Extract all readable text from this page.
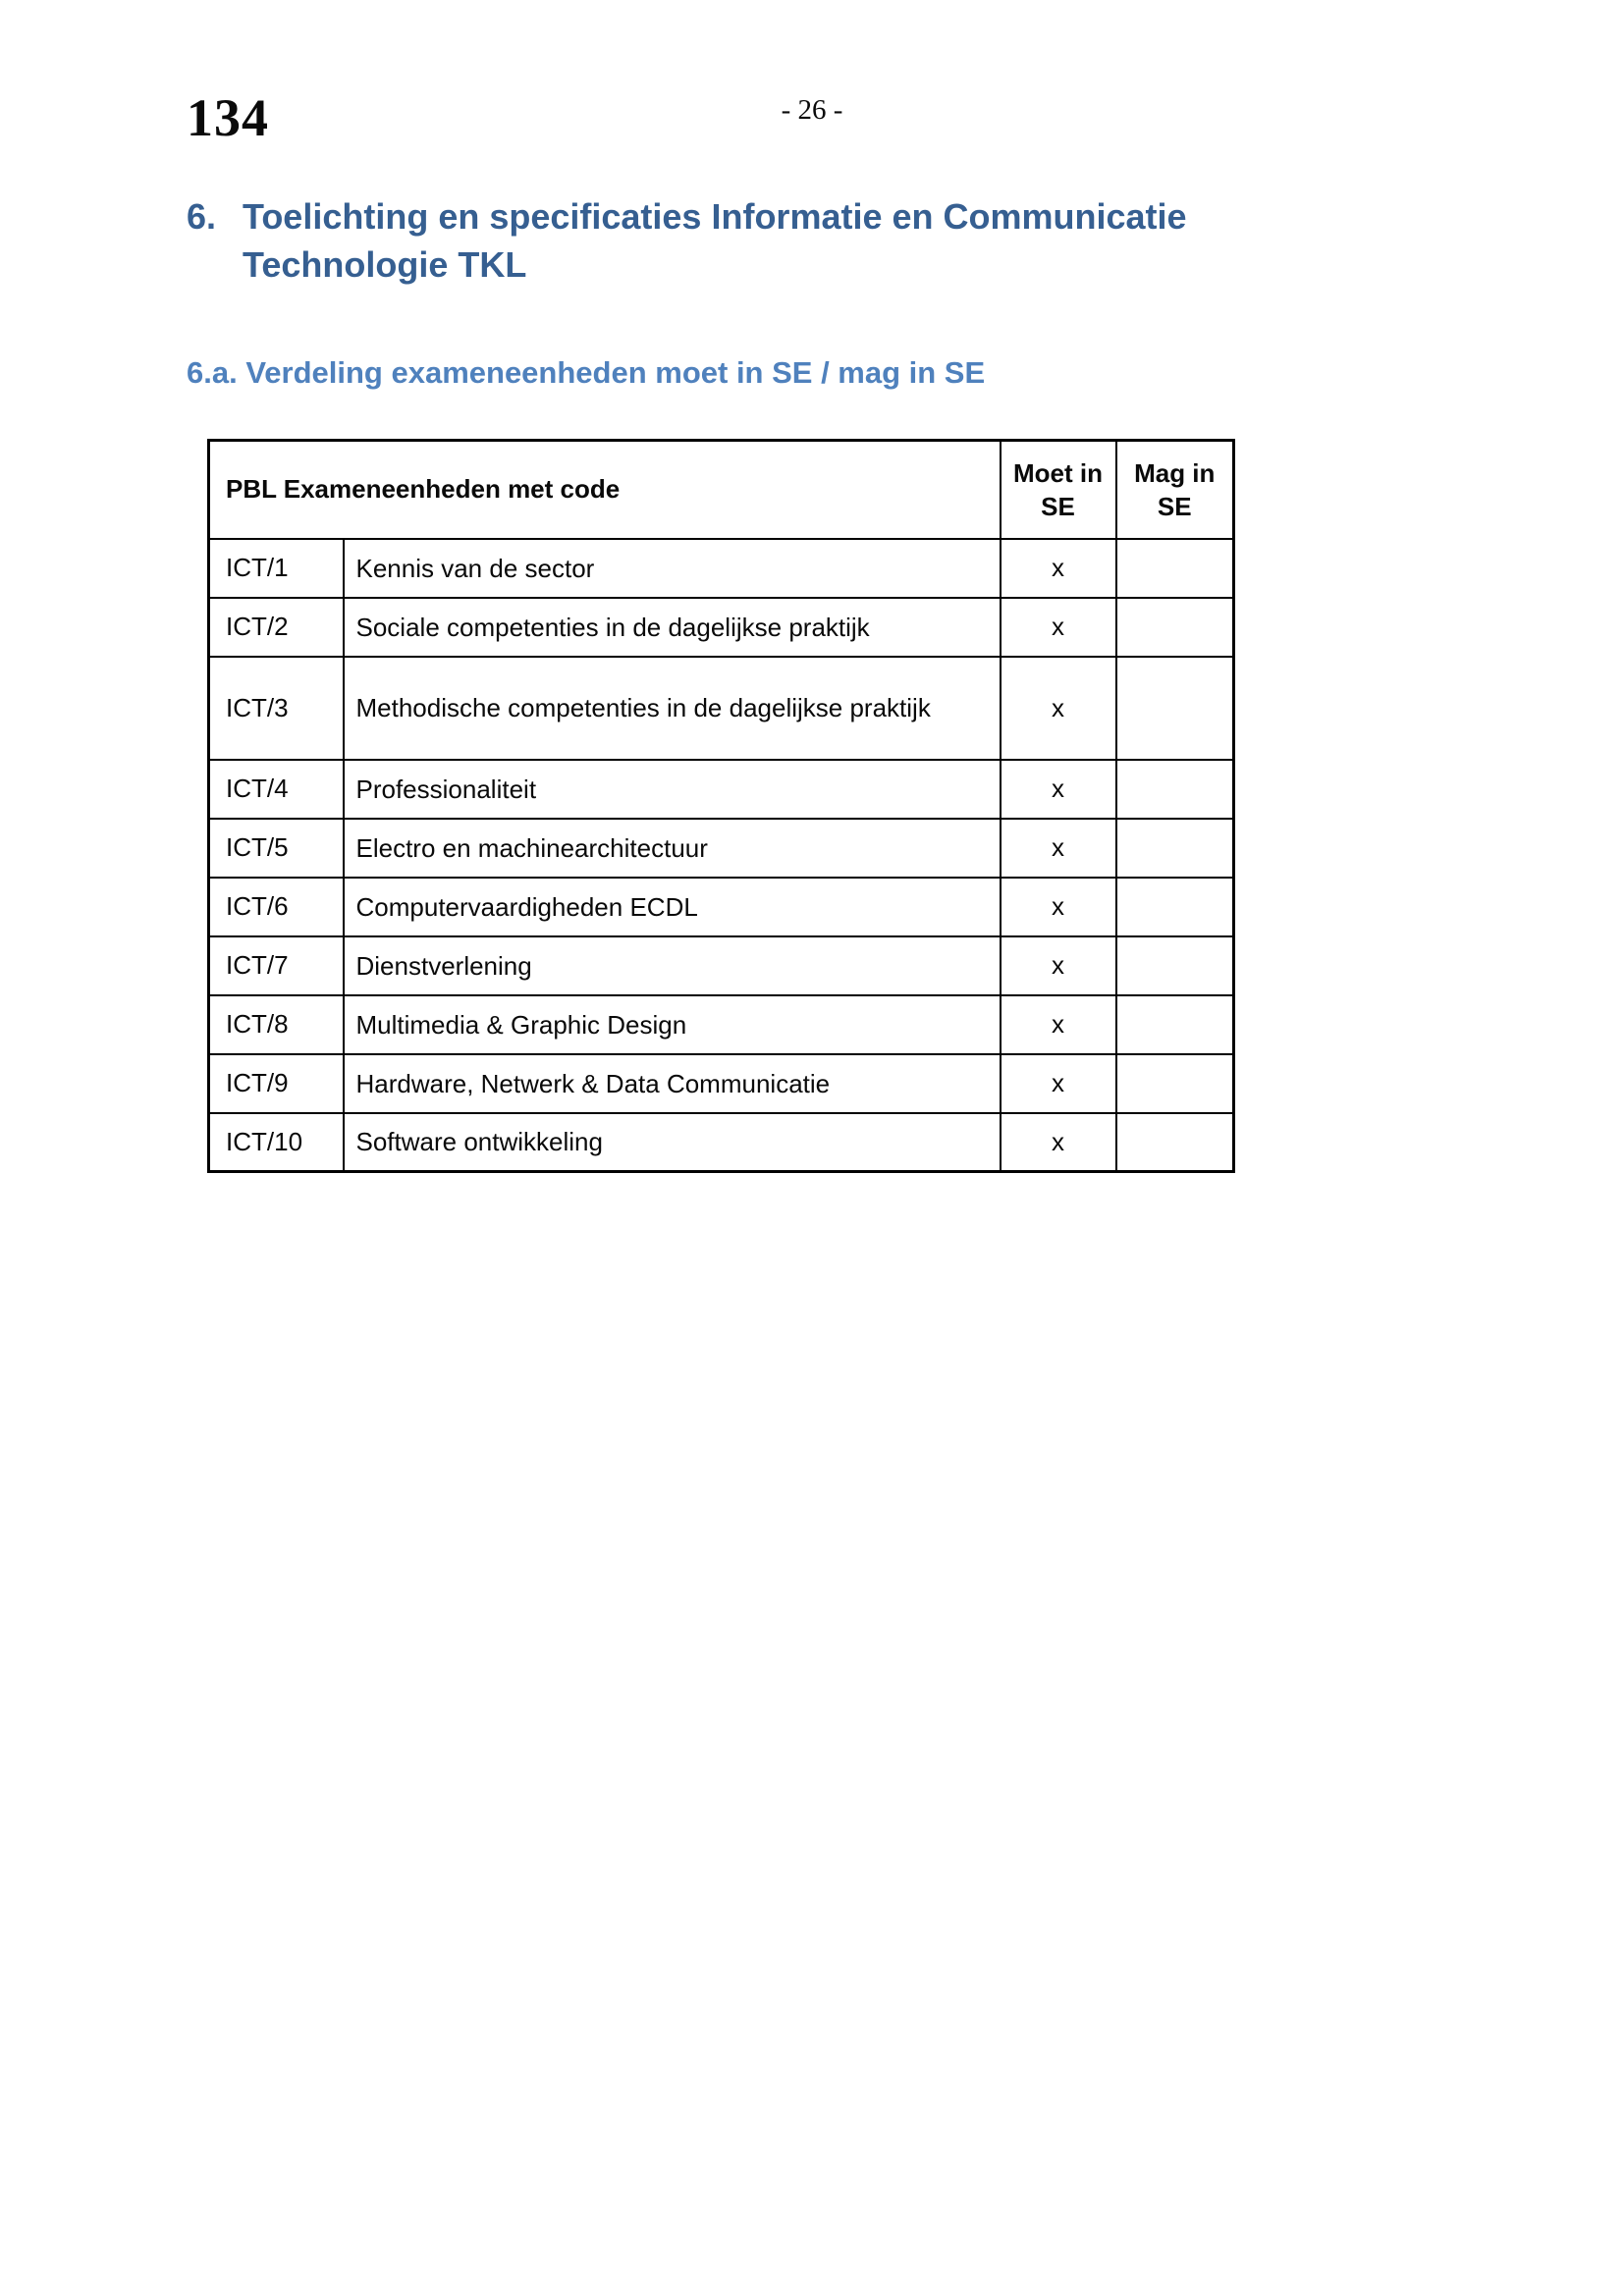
134	- 26 -
6. Toelichting en specificaties Informatie en Communicatie
Technologie TKL
6.a. Verdeling exameneenheden moet in SE / mag in SE
PBL Exameneenheden met code		Moet in SE	Mag in SE
ICT/1	Kennis van de sector	x	
ICT/2	Sociale competenties in de dagelijkse praktijk	x	
ICT/3	Methodische competenties in de dagelijkse praktijk	x	
ICT/4	Professionaliteit	x	
ICT/5	Electro en machinearchitectuur	x	
ICT/6	Computervaardigheden ECDL	x	
ICT/7	Dienstverlening	x	
ICT/8	Multimedia & Graphic Design	x	
ICT/9	Hardware, Netwerk & Data Communicatie	x	
ICT/10	Software ontwikkeling	x	
